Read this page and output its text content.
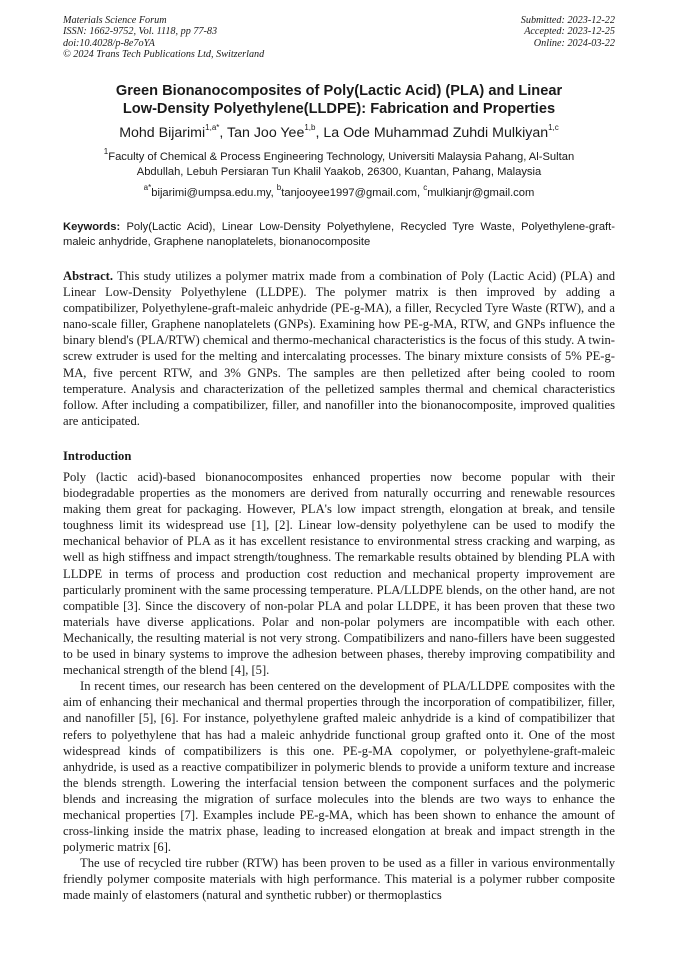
Materials Science Forum
ISSN: 1662-9752, Vol. 1118, pp 77-83
doi:10.4028/p-8e7oYA
© 2024 Trans Tech Publications Ltd, Switzerland
Submitted: 2023-12-22
Accepted: 2023-12-25
Online: 2024-03-22
Green Bionanocomposites of Poly(Lactic Acid) (PLA) and Linear
Low-Density Polyethylene(LLDPE): Fabrication and Properties
Mohd Bijarimi$^{1,a*}$, Tan Joo Yee$^{1,b}$, La Ode Muhammad Zuhdi Mulkiyan$^{1,c}$
$^1$Faculty of Chemical & Process Engineering Technology, Universiti Malaysia Pahang, Al-Sultan
Abdullah, Lebuh Persiaran Tun Khalil Yaakob, 26300, Kuantan, Pahang, Malaysia
$^{a*}$bijarimi@umpsa.edu.my, $^b$tanjooyee1997@gmail.com, $^c$mulkianjr@gmail.com
Keywords: Poly(Lactic Acid), Linear Low-Density Polyethylene, Recycled Tyre Waste, Polyethylene-graft-maleic anhydride, Graphene nanoplatelets, bionanocomposite
Abstract. This study utilizes a polymer matrix made from a combination of Poly (Lactic Acid) (PLA) and Linear Low-Density Polyethylene (LLDPE). The polymer matrix is then improved by adding a compatibilizer, Polyethylene-graft-maleic anhydride (PE-g-MA), a filler, Recycled Tyre Waste (RTW), and a nano-scale filler, Graphene nanoplatelets (GNPs). Examining how PE-g-MA, RTW, and GNPs influence the binary blend's (PLA/RTW) chemical and thermo-mechanical characteristics is the focus of this study. A twin-screw extruder is used for the melting and intercalating processes. The binary mixture consists of 5% PE-g-MA, five percent RTW, and 3% GNPs. The samples are then pelletized after being cooled to room temperature. Analysis and characterization of the pelletized samples thermal and chemical characteristics follow. After including a compatibilizer, filler, and nanofiller into the bionanocomposite, improved qualities are anticipated.
Introduction

Poly (lactic acid)-based bionanocomposites enhanced properties now become popular with their biodegradable properties as the monomers are derived from naturally occurring and renewable resources making them great for packaging. However, PLA's low impact strength, elongation at break, and tensile toughness limit its widespread use [1], [2]. Linear low-density polyethylene can be used to modify the mechanical behavior of PLA as it has excellent resistance to environmental stress cracking and warping, as well as high stiffness and impact strength/toughness. The remarkable results obtained by blending PLA with LLDPE in terms of process and production cost reduction and mechanical property improvement are particularly prominent with the same processing temperature. PLA/LLDPE blends, on the other hand, are not compatible [3]. Since the discovery of non-polar PLA and polar LLDPE, it has been proven that these two materials have diverse applications. Polar and non-polar polymers are incompatible with each other. Mechanically, the resulting material is not very strong. Compatibilizers and nano-fillers have been suggested to be used in binary systems to improve the adhesion between phases, thereby improving compatibility and mechanical strength of the blend [4], [5].

In recent times, our research has been centered on the development of PLA/LLDPE composites with the aim of enhancing their mechanical and thermal properties through the incorporation of compatibilizer, filler, and nanofiller [5], [6]. For instance, polyethylene grafted maleic anhydride is a kind of compatibilizer that refers to polyethylene that has had a maleic anhydride functional group grafted onto it. One of the most widespread kinds of compatibilizers is this one. PE-g-MA copolymer, or polyethylene-graft-maleic anhydride, is used as a reactive compatibilizer in polymeric blends to provide a uniform texture and increase the blends strength. Lowering the interfacial tension between the component surfaces and the polymeric blends and increasing the migration of surface molecules into the blends are two ways to enhance the mechanical properties [7]. Examples include PE-g-MA, which has been shown to enhance the amount of cross-linking inside the matrix phase, leading to increased elongation at break and impact strength in the polymeric matrix [6].

The use of recycled tire rubber (RTW) has been proven to be used as a filler in various environmentally friendly polymer composite materials with high performance. This material is a polymer rubber composite made mainly of elastomers (natural and synthetic rubber) or thermoplastics
